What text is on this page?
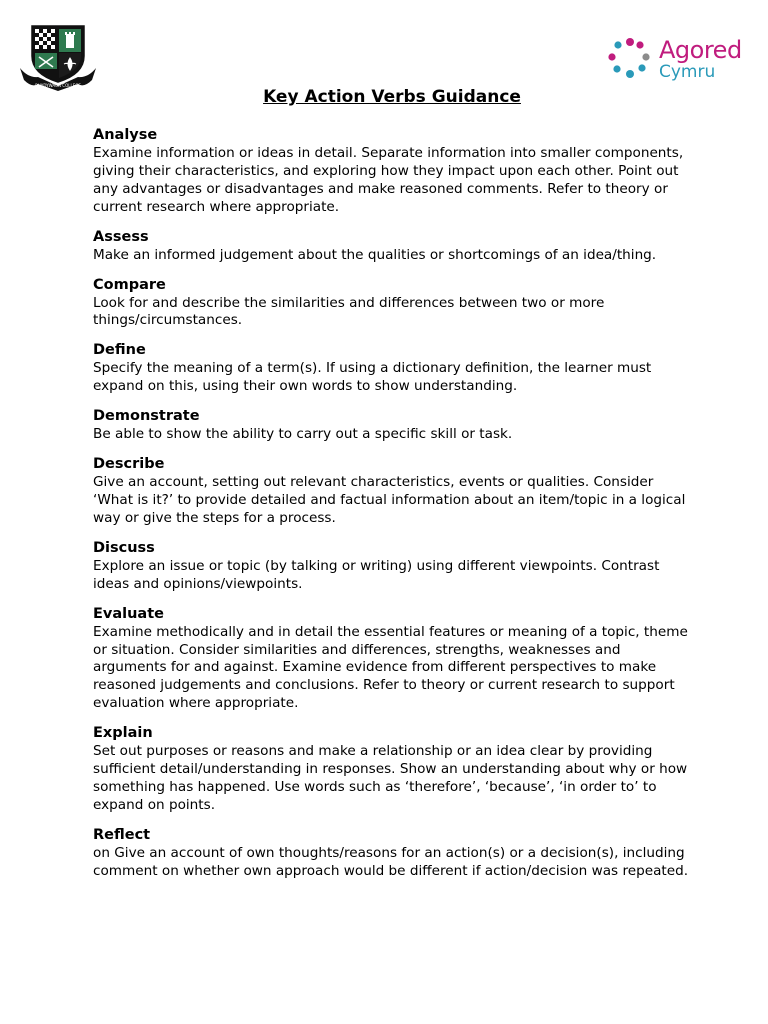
RHYDYWAUN COLLEGE
Agored
Cymru
Key Action Verbs Guidance
Analyse
Examine information or ideas in detail. Separate information into smaller components, giving their characteristics, and exploring how they impact upon each other. Point out any advantages or disadvantages and make reasoned comments. Refer to theory or current research where appropriate.
Assess
Make an informed judgement about the qualities or shortcomings of an idea/thing.
Compare
Look for and describe the similarities and differences between two or more things/circumstances.
Define
Specify the meaning of a term(s). If using a dictionary definition, the learner must expand on this, using their own words to show understanding.
Demonstrate
Be able to show the ability to carry out a specific skill or task.
Describe
Give an account, setting out relevant characteristics, events or qualities. Consider ‘What is it?’ to provide detailed and factual information about an item/topic in a logical way or give the steps for a process.
Discuss
Explore an issue or topic (by talking or writing) using different viewpoints. Contrast ideas and opinions/viewpoints.
Evaluate
Examine methodically and in detail the essential features or meaning of a topic, theme or situation. Consider similarities and differences, strengths, weaknesses and arguments for and against. Examine evidence from different perspectives to make reasoned judgements and conclusions. Refer to theory or current research to support evaluation where appropriate.
Explain
Set out purposes or reasons and make a relationship or an idea clear by providing sufficient detail/understanding in responses. Show an understanding about why or how something has happened. Use words such as ‘therefore’, ‘because’, ‘in order to’ to expand on points.
Reflect
on Give an account of own thoughts/reasons for an action(s) or a decision(s), including comment on whether own approach would be different if action/decision was repeated.
